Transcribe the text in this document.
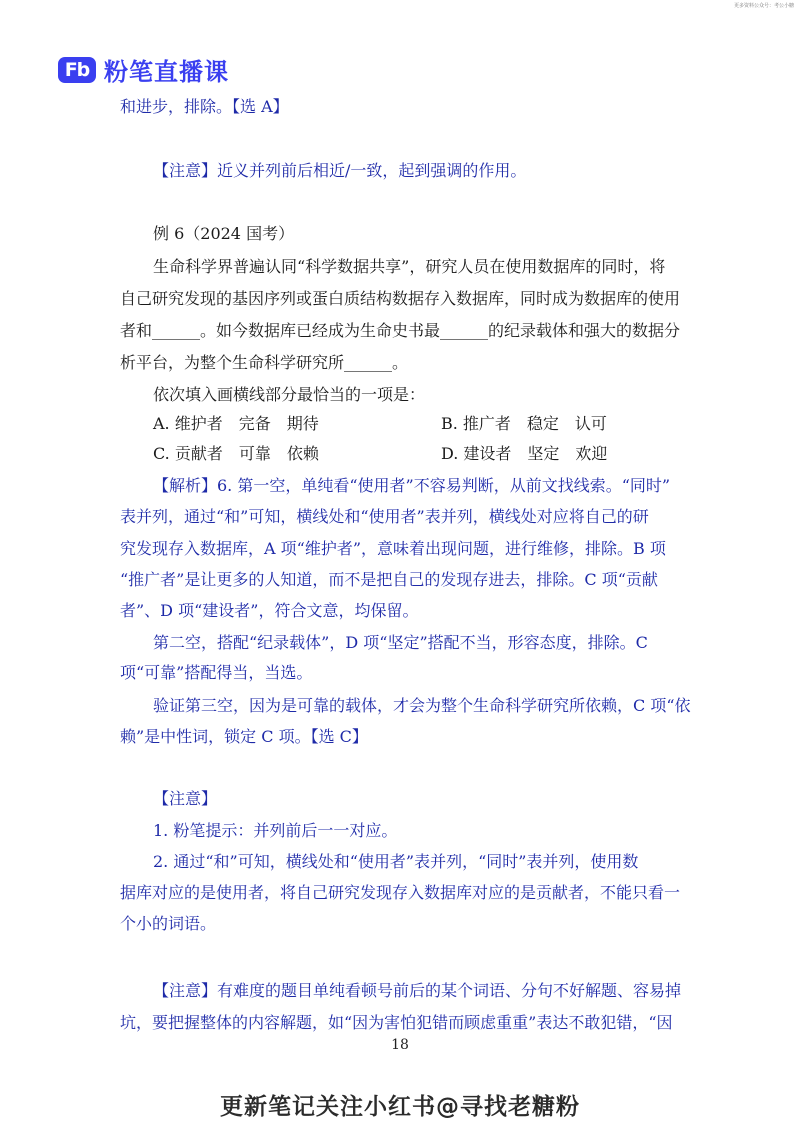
更多资料公众号：考公小糖
Fb 粉笔直播课
和进步，排除。【选 A】
【注意】近义并列前后相近/一致，起到强调的作用。
例 6（2024 国考）
生命科学界普遍认同“科学数据共享”，研究人员在使用数据库的同时，将
自己研究发现的基因序列或蛋白质结构数据存入数据库，同时成为数据库的使用
者和______。如今数据库已经成为生命史书最______的纪录载体和强大的数据分
析平台，为整个生命科学研究所______。
依次填入画横线部分最恰当的一项是：
A. 维护者　完备　期待	B. 推广者　稳定　认可
C. 贡献者　可靠　依赖	D. 建设者　坚定　欢迎
【解析】6. 第一空，单纯看“使用者”不容易判断，从前文找线索。“同时”
表并列，通过“和”可知，横线处和“使用者”表并列，横线处对应将自己的研
究发现存入数据库，A 项“维护者”，意味着出现问题，进行维修，排除。B 项
“推广者”是让更多的人知道，而不是把自己的发现存进去，排除。C 项“贡献
者”、D 项“建设者”，符合文意，均保留。
第二空，搭配“纪录载体”，D 项“坚定”搭配不当，形容态度，排除。C
项“可靠”搭配得当，当选。
验证第三空，因为是可靠的载体，才会为整个生命科学研究所依赖，C 项“依
赖”是中性词，锁定 C 项。【选 C】
【注意】
1. 粉笔提示：并列前后一一对应。
2. 通过“和”可知，横线处和“使用者”表并列，“同时”表并列，使用数
据库对应的是使用者，将自己研究发现存入数据库对应的是贡献者，不能只看一
个小的词语。
【注意】有难度的题目单纯看顿号前后的某个词语、分句不好解题、容易掉
坑，要把握整体的内容解题，如“因为害怕犯错而顾虑重重”表达不敢犯错，“因
18
更新笔记关注小红书@寻找老糖粉
